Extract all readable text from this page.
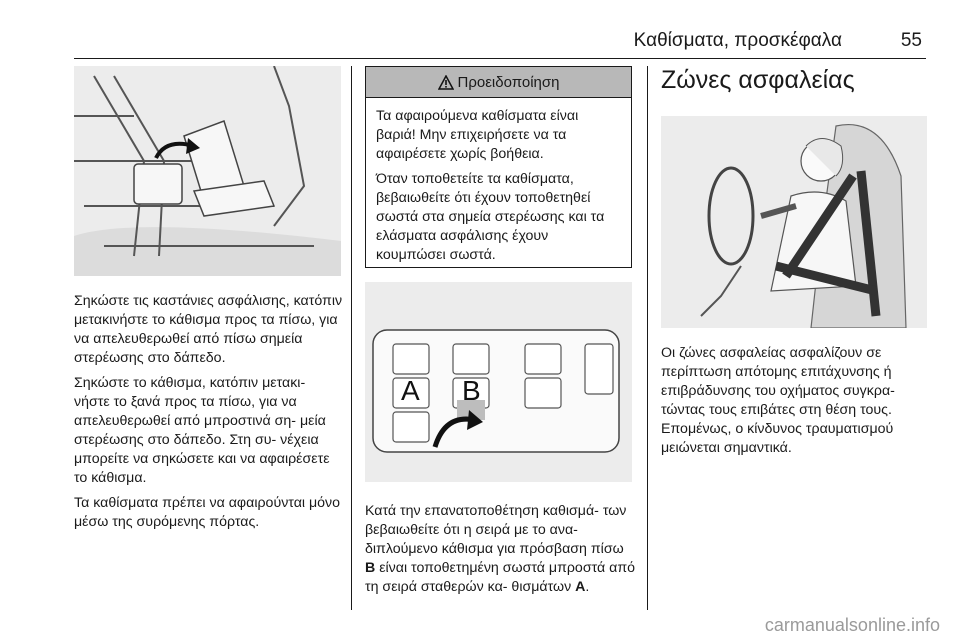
Καθίσματα, προσκέφαλα	55

Σηκώστε τις καστάνιες ασφάλισης, κατόπιν μετακινήστε το κάθισμα προς τα πίσω, για να απελευθερωθεί από πίσω σημεία στερέωσης στο δάπεδο.

Σηκώστε το κάθισμα, κατόπιν μετακι- νήστε το ξανά προς τα πίσω, για να απελευθερωθεί από μπροστινά ση- μεία στερέωσης στο δάπεδο. Στη συ- νέχεια μπορείτε να σηκώσετε και να αφαιρέσετε το κάθισμα.

Τα καθίσματα πρέπει να αφαιρούνται μόνο μέσω της συρόμενης πόρτας.

Προειδοποίηση

Τα αφαιρούμενα καθίσματα είναι βαριά! Μην επιχειρήσετε να τα αφαιρέσετε χωρίς βοήθεια.

Όταν τοποθετείτε τα καθίσματα, βεβαιωθείτε ότι έχουν τοποθετηθεί σωστά στα σημεία στερέωσης και τα ελάσματα ασφάλισης έχουν κουμπώσει σωστά.

A B

Κατά την επανατοποθέτηση καθισμά- των βεβαιωθείτε ότι η σειρά με το ανα- διπλούμενο κάθισμα για πρόσβαση πίσω B είναι τοποθετημένη σωστά μπροστά από τη σειρά σταθερών κα- θισμάτων A.

Ζώνες ασφαλείας

Οι ζώνες ασφαλείας ασφαλίζουν σε περίπτωση απότομης επιτάχυνσης ή επιβράδυνσης του οχήματος συγκρα- τώντας τους επιβάτες στη θέση τους. Επομένως, ο κίνδυνος τραυματισμού μειώνεται σημαντικά.

carmanualsonline.info
